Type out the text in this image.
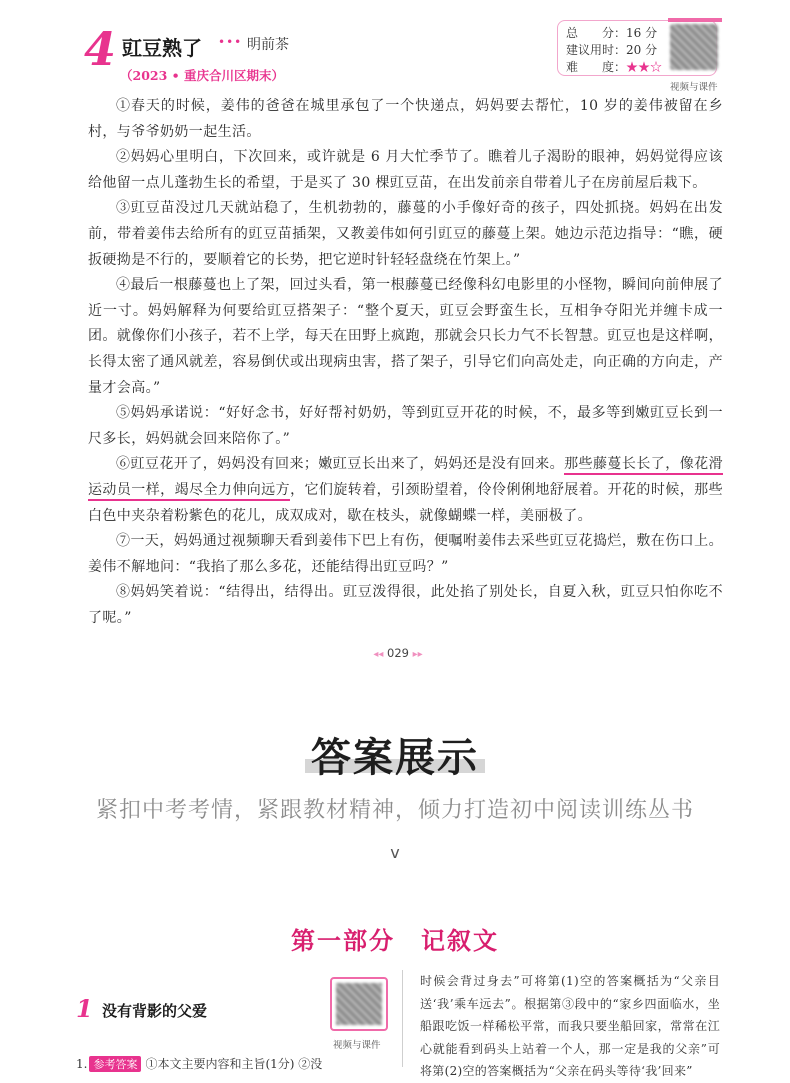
4 豇豆熟了 ••• 明前茶
（2023 • 重庆合川区期末）
总　　分：16 分
建议用时：20 分
难　　度：★★☆
视频与课件

①春天的时候，姜伟的爸爸在城里承包了一个快递点，妈妈要去帮忙，10 岁的姜伟被留在乡村，与爷爷奶奶一起生活。

②妈妈心里明白，下次回来，或许就是 6 月大忙季节了。瞧着儿子渴盼的眼神，妈妈觉得应该给他留一点儿蓬勃生长的希望，于是买了 30 棵豇豆苗，在出发前亲自带着儿子在房前屋后栽下。

③豇豆苗没过几天就站稳了，生机勃勃的，藤蔓的小手像好奇的孩子，四处抓挠。妈妈在出发前，带着姜伟去给所有的豇豆苗插架，又教姜伟如何引豇豆的藤蔓上架。她边示范边指导：“瞧，硬扳硬拗是不行的，要顺着它的长势，把它逆时针轻轻盘绕在竹架上。”

④最后一根藤蔓也上了架，回过头看，第一根藤蔓已经像科幻电影里的小怪物，瞬间向前伸展了近一寸。妈妈解释为何要给豇豆搭架子：“整个夏天，豇豆会野蛮生长，互相争夺阳光并缠卡成一团。就像你们小孩子，若不上学，每天在田野上疯跑，那就会只长力气不长智慧。豇豆也是这样啊，长得太密了通风就差，容易倒伏或出现病虫害，搭了架子，引导它们向高处走，向正确的方向走，产量才会高。”

⑤妈妈承诺说：“好好念书，好好帮衬奶奶，等到豇豆开花的时候，不，最多等到嫩豇豆长到一尺多长，妈妈就会回来陪你了。”

⑥豇豆花开了，妈妈没有回来；嫩豇豆长出来了，妈妈还是没有回来。那些藤蔓长长了，像花滑运动员一样，竭尽全力伸向远方，它们旋转着，引颈盼望着，伶伶俐俐地舒展着。开花的时候，那些白色中夹杂着粉紫色的花儿，成双成对，歇在枝头，就像蝴蝶一样，美丽极了。

⑦一天，妈妈通过视频聊天看到姜伟下巴上有伤，便嘱咐姜伟去采些豇豆花捣烂，敷在伤口上。姜伟不解地问：“我掐了那么多花，还能结得出豇豆吗？”

⑧妈妈笑着说：“结得出，结得出。豇豆泼得很，此处掐了别处长，自夏入秋，豇豆只怕你吃不了呢。”

◂◂ 029 ▸▸
答案展示
紧扣中考考情，紧跟教材精神，倾力打造初中阅读训练丛书
v
第一部分　记叙文
1 没有背影的父爱
视频与课件
时候会背过身去”可将第(1)空的答案概括为“父亲目送‘我’乘车远去”。根据第③段中的“家乡四面临水，坐船跟吃饭一样稀松平常，而我只要坐船回家，常常在江心就能看到码头上站着一个人，那一定是我的父亲”可将第(2)空的答案概括为“父亲在码头等待‘我’回来”
1. 参考答案 ①本文主要内容和主旨(1分) ②没
